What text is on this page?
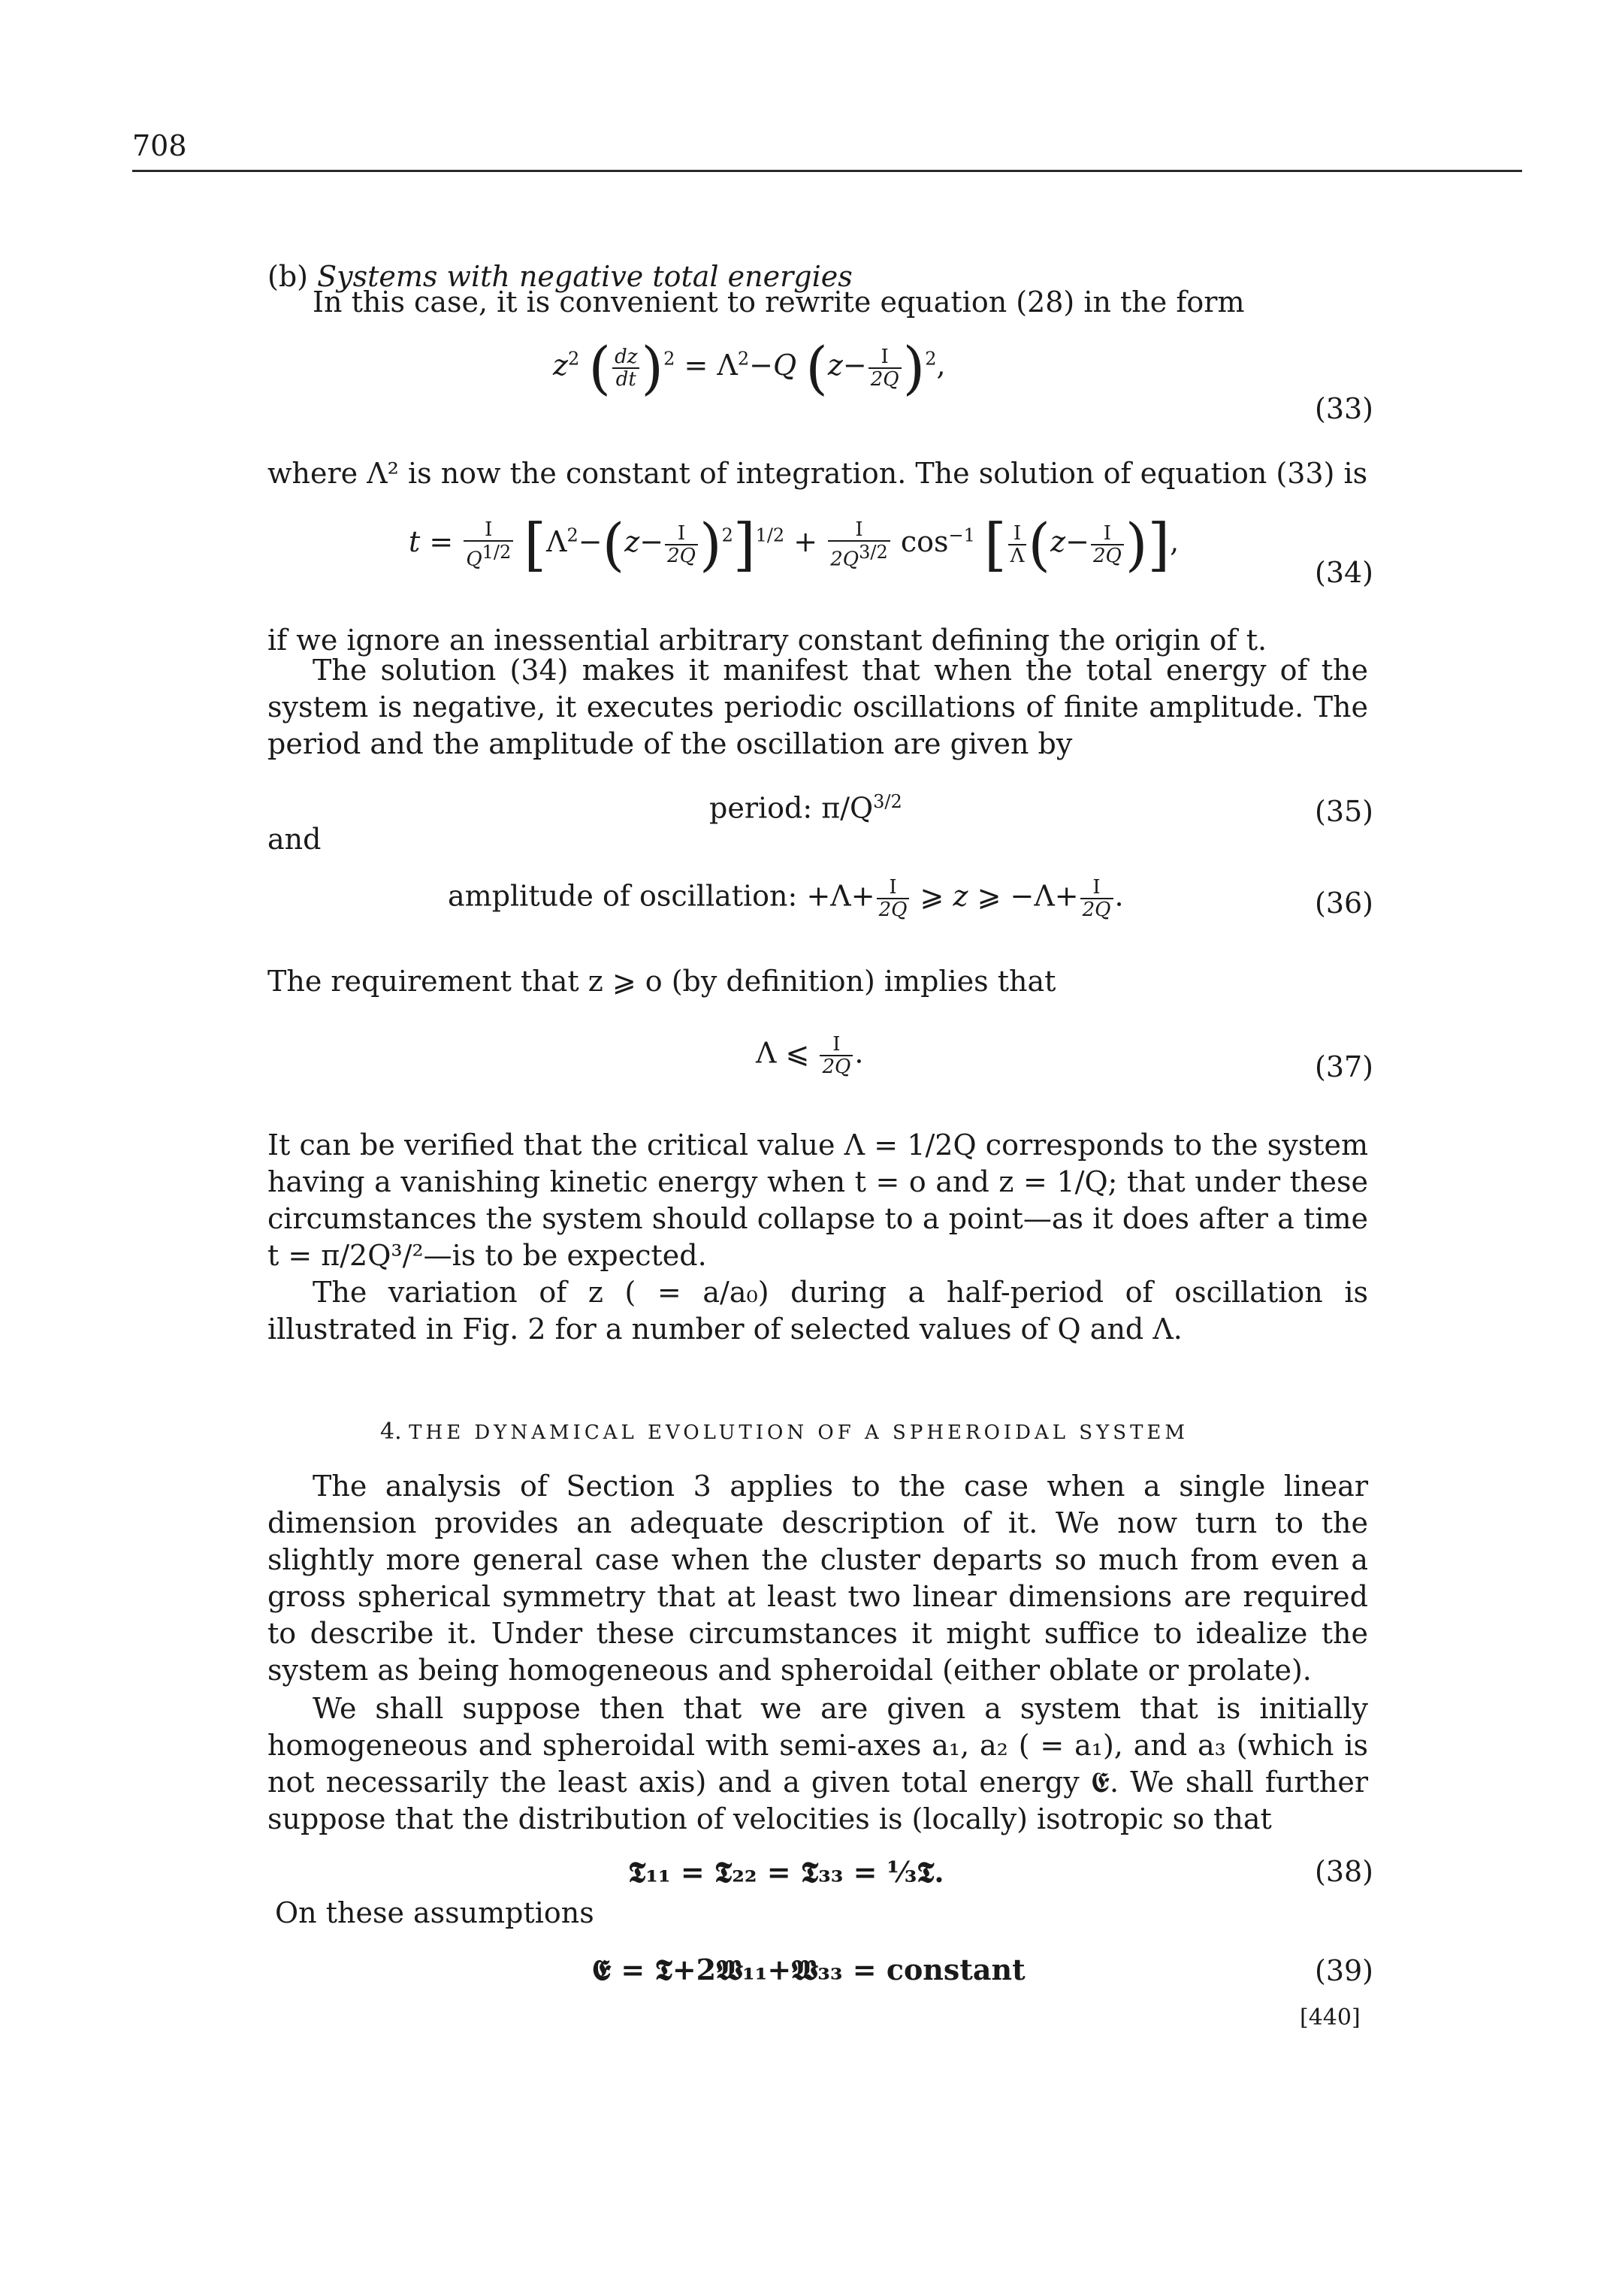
708
(b) Systems with negative total energies
In this case, it is convenient to rewrite equation (28) in the form
$z^2$ ( $\frac{dz}{dt} )^2 = \Lambda^2-Q$ $(z- \frac{I}{2Q} )^2$,
(33)
where Λ² is now the constant of integration. The solution of equation (33) is
$t = \frac{I}{Q^{1/2}} [\Lambda^2-(z- \frac{I}{2Q} )^2]^{1/2} + \frac{I}{2Q^{3/2}} \cos^{-1}$ [ $\frac{I}{\Lambda} (z- \frac{I}{2Q}$ )],
(34)
if we ignore an inessential arbitrary constant defining the origin of t.
The solution (34) makes it manifest that when the total energy of the system is negative, it executes periodic oscillations of finite amplitude. The period and the amplitude of the oscillation are given by
period: $\pi/Q^{3/2}$	(35)
and
amplitude of oscillation: $+\Lambda+ \frac{I}{2Q}$ ⩾ z ⩾ $-\Lambda+ \frac{I}{2Q}$ .	(36)
The requirement that z ⩾ o (by definition) implies that
Λ ⩽ $\frac{I}{2Q}$ .	(37)
It can be verified that the critical value Λ = 1/2Q corresponds to the system having a vanishing kinetic energy when t = o and z = 1/Q; that under these circumstances the system should collapse to a point—as it does after a time t = π/2Q³/²—is to be expected.
The variation of z ( = a/a₀) during a half-period of oscillation is illustrated in Fig. 2 for a number of selected values of Q and Λ.
4. THE DYNAMICAL EVOLUTION OF A SPHEROIDAL SYSTEM
The analysis of Section 3 applies to the case when a single linear dimension provides an adequate description of it. We now turn to the slightly more general case when the cluster departs so much from even a gross spherical symmetry that at least two linear dimensions are required to describe it. Under these circumstances it might suffice to idealize the system as being homogeneous and spheroidal (either oblate or prolate).
We shall suppose then that we are given a system that is initially homogeneous and spheroidal with semi-axes a₁, a₂ ( = a₁), and a₃ (which is not necessarily the least axis) and a given total energy 𝕰. We shall further suppose that the distribution of velocities is (locally) isotropic so that
𝕿₁₁ = 𝕿₂₂ = 𝕿₃₃ = ⅓𝕿.	(38)
On these assumptions
𝕰 = 𝕿+2𝖂₁₁+𝖂₃₃ = constant	(39)
[440]
